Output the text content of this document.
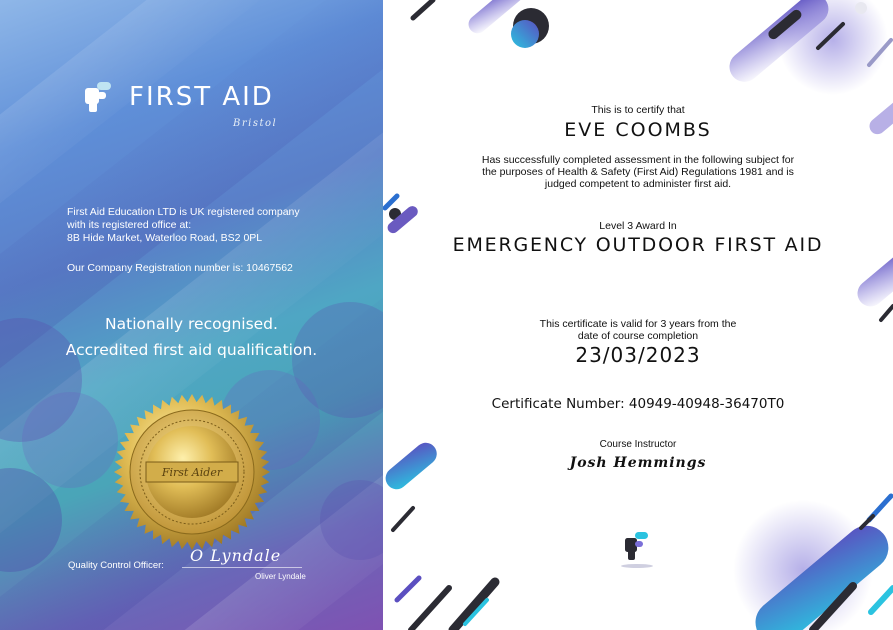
FIRST AID
Bristol
First Aid Education LTD is UK registered company
with its registered office at:
8B Hide Market, Waterloo Road, BS2 0PL
Our Company Registration number is: 10467562
Nationally recognised.
Accredited first aid qualification.
First Aider
Quality Control Officer:
O Lyndale
Oliver Lyndale
This is to certify that
EVE COOMBS
Has successfully completed assessment in the following subject for
the purposes of Health & Safety (First Aid) Regulations 1981 and is
judged competent to administer first aid.
Level 3 Award In
EMERGENCY OUTDOOR FIRST AID
This certificate is valid for 3 years from the
date of course completion
23/03/2023
Certificate Number: 40949-40948-36470T0
Course Instructor
Josh Hemmings
